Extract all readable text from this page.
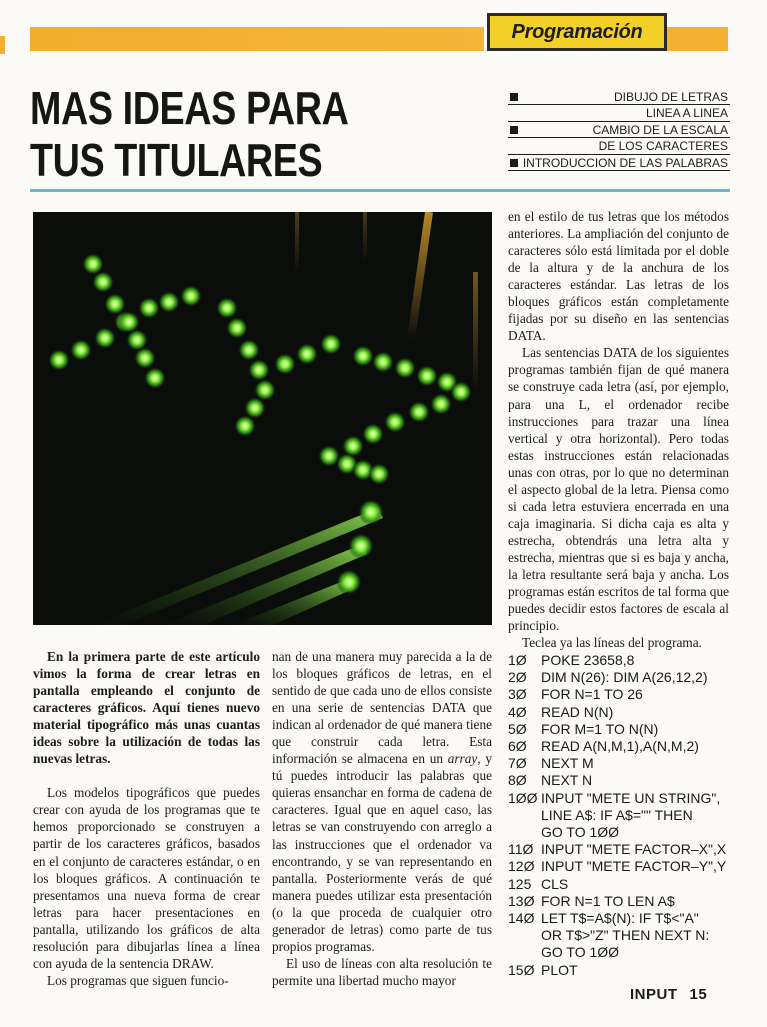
Programación
MAS IDEAS PARA
TUS TITULARES
DIBUJO DE LETRAS
LINEA A LINEA
CAMBIO DE LA ESCALA
DE LOS CARACTERES
INTRODUCCION DE LAS PALABRAS

En la primera parte de este artículo vimos la forma de crear letras en pantalla empleando el conjunto de caracteres gráficos. Aquí tienes nuevo material tipográfico más unas cuantas ideas sobre la utilización de todas las nuevas letras.

Los modelos tipográficos que puedes crear con ayuda de los programas que te hemos proporcionado se construyen a partir de los caracteres gráficos, basados en el conjunto de caracteres estándar, o en los bloques gráficos. A continuación te presentamos una nueva forma de crear letras para hacer presentaciones en pantalla, utilizando los gráficos de alta resolución para dibujarlas línea a línea con ayuda de la sentencia DRAW.

Los programas que siguen funcio-

nan de una manera muy parecida a la de los bloques gráficos de letras, en el sentido de que cada uno de ellos consiste en una serie de sentencias DATA que indican al ordenador de qué manera tiene que construir cada letra. Esta información se almacena en un array, y tú puedes introducir las palabras que quieras ensanchar en forma de cadena de caracteres. Igual que en aquel caso, las letras se van construyendo con arreglo a las instrucciones que el ordenador va encontrando, y se van representando en pantalla. Posteriormente verás de qué manera puedes utilizar esta presentación (o la que proceda de cualquier otro generador de letras) como parte de tus propios programas.

El uso de líneas con alta resolución te permite una libertad mucho mayor

en el estilo de tus letras que los métodos anteriores. La ampliación del conjunto de caracteres sólo está limitada por el doble de la altura y de la anchura de los caracteres estándar. Las letras de los bloques gráficos están completamente fijadas por su diseño en las sentencias DATA.

Las sentencias DATA de los siguientes programas también fijan de qué manera se construye cada letra (así, por ejemplo, para una L, el ordenador recibe instrucciones para trazar una línea vertical y otra horizontal). Pero todas estas instrucciones están relacionadas unas con otras, por lo que no determinan el aspecto global de la letra. Piensa como si cada letra estuviera encerrada en una caja imaginaria. Si dicha caja es alta y estrecha, obtendrás una letra alta y estrecha, mientras que si es baja y ancha, la letra resultante será baja y ancha. Los programas están escritos de tal forma que puedes decidir estos factores de escala al principio.

Teclea ya las líneas del programa.

1Ø	POKE 23658,8
2Ø	DIM N(26): DIM A(26,12,2)
3Ø	FOR N=1 TO 26
4Ø	READ N(N)
5Ø	FOR M=1 TO N(N)
6Ø	READ A(N,M,1),A(N,M,2)
7Ø	NEXT M
8Ø	NEXT N
1ØØ INPUT "METE UN STRING",
LINE A$: IF A$="" THEN
GO TO 1ØØ
11Ø INPUT "METE FACTOR–X",X
12Ø INPUT "METE FACTOR–Y",Y
125 CLS
13Ø FOR N=1 TO LEN A$
14Ø LET T$=A$(N): IF T$<"A"
OR T$>"Z" THEN NEXT N:
GO TO 1ØØ
15Ø PLOT
INPUT 15
